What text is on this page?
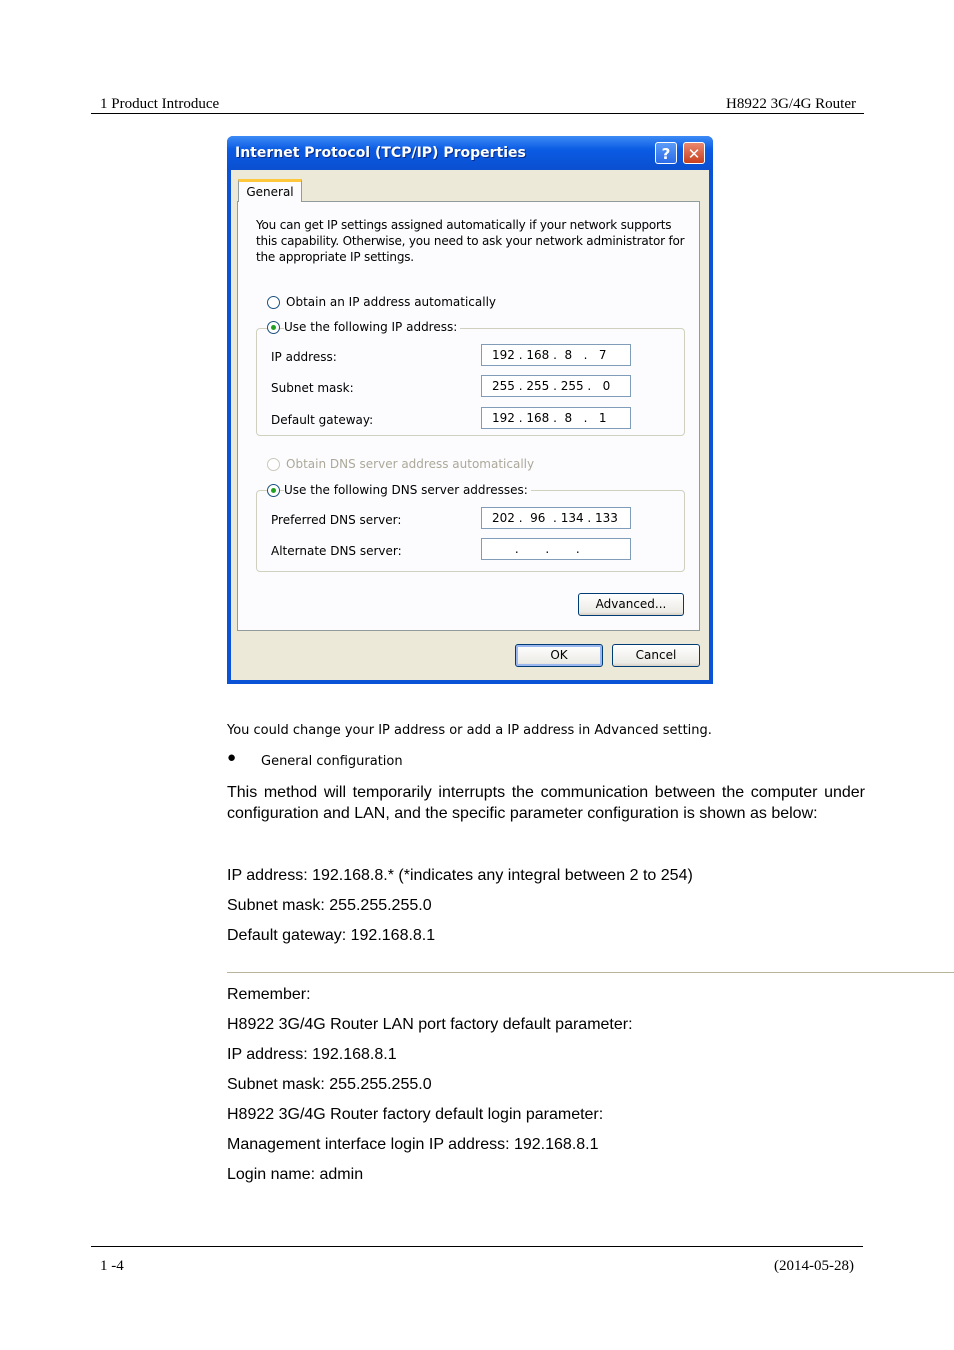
1 Product Introduce	H8922 3G/4G Router
Internet Protocol (TCP/IP) Properties	?	✕
General
You can get IP settings assigned automatically if your network supports this capability. Otherwise, you need to ask your network administrator for the appropriate IP settings.
Obtain an IP address automatically
Use the following IP address:
IP address:	192 . 168 .  8   .   7
Subnet mask:	255 . 255 . 255 .   0
Default gateway:	192 . 168 .  8   .   1
Obtain DNS server address automatically
Use the following DNS server addresses:
Preferred DNS server:	202 .  96  . 134 . 133
Alternate DNS server:	.       .       .
Advanced...
OK	Cancel
You could change your IP address or add a IP address in Advanced setting.
● General configuration
This method will temporarily interrupts the communication between the computer under configuration and LAN, and the specific parameter configuration is shown as below:
IP address: 192.168.8.* (*indicates any integral between 2 to 254)
Subnet mask: 255.255.255.0
Default gateway: 192.168.8.1
Remember:
H8922 3G/4G Router LAN port factory default parameter:
IP address: 192.168.8.1
Subnet mask: 255.255.255.0
H8922 3G/4G Router factory default login parameter:
Management interface login IP address: 192.168.8.1
Login name: admin
1 -4	(2014-05-28)
